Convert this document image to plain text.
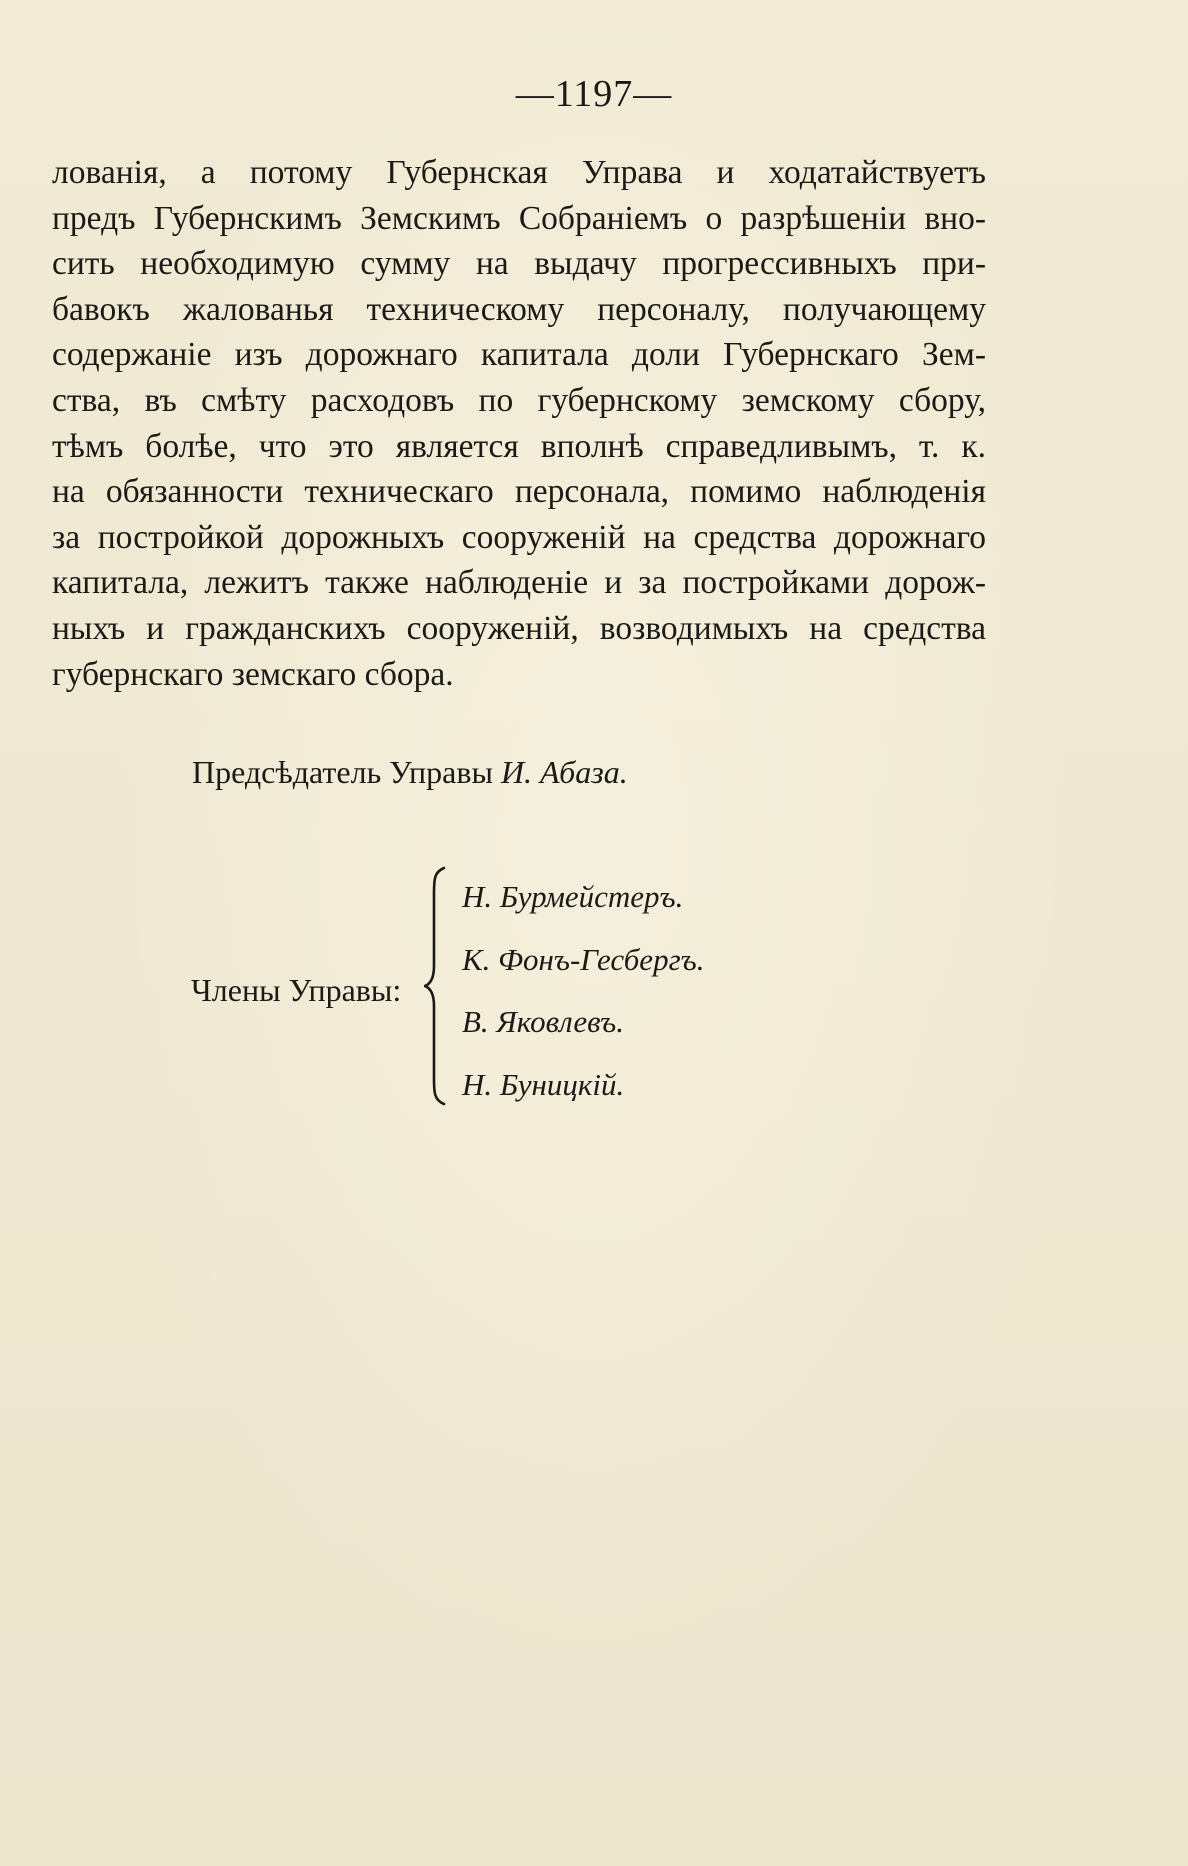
—1197—
лованія, а потому Губернская Управа и ходатайствуетъ
предъ Губернскимъ Земскимъ Собраніемъ о разрѣшеніи вно-
сить необходимую сумму на выдачу прогрессивныхъ при-
бавокъ жалованья техническому персоналу, получающему
содержаніе изъ дорожнаго капитала доли Губернскаго Зем-
ства, въ смѣту расходовъ по губернскому земскому сбору,
тѣмъ болѣе, что это является вполнѣ справедливымъ, т. к.
на обязанности техническаго персонала, помимо наблюденія
за постройкой дорожныхъ сооруженій на средства дорожнаго
капитала, лежитъ также наблюденіе и за постройками дорож-
ныхъ и гражданскихъ сооруженій, возводимыхъ на средства
губернскаго земскаго сбора.
Предсѣдатель Управы И. Абаза.
Члены Управы:
Н. Бурмейстеръ.
К. Фонъ-Гесбергъ.
В. Яковлевъ.
Н. Буницкій.
